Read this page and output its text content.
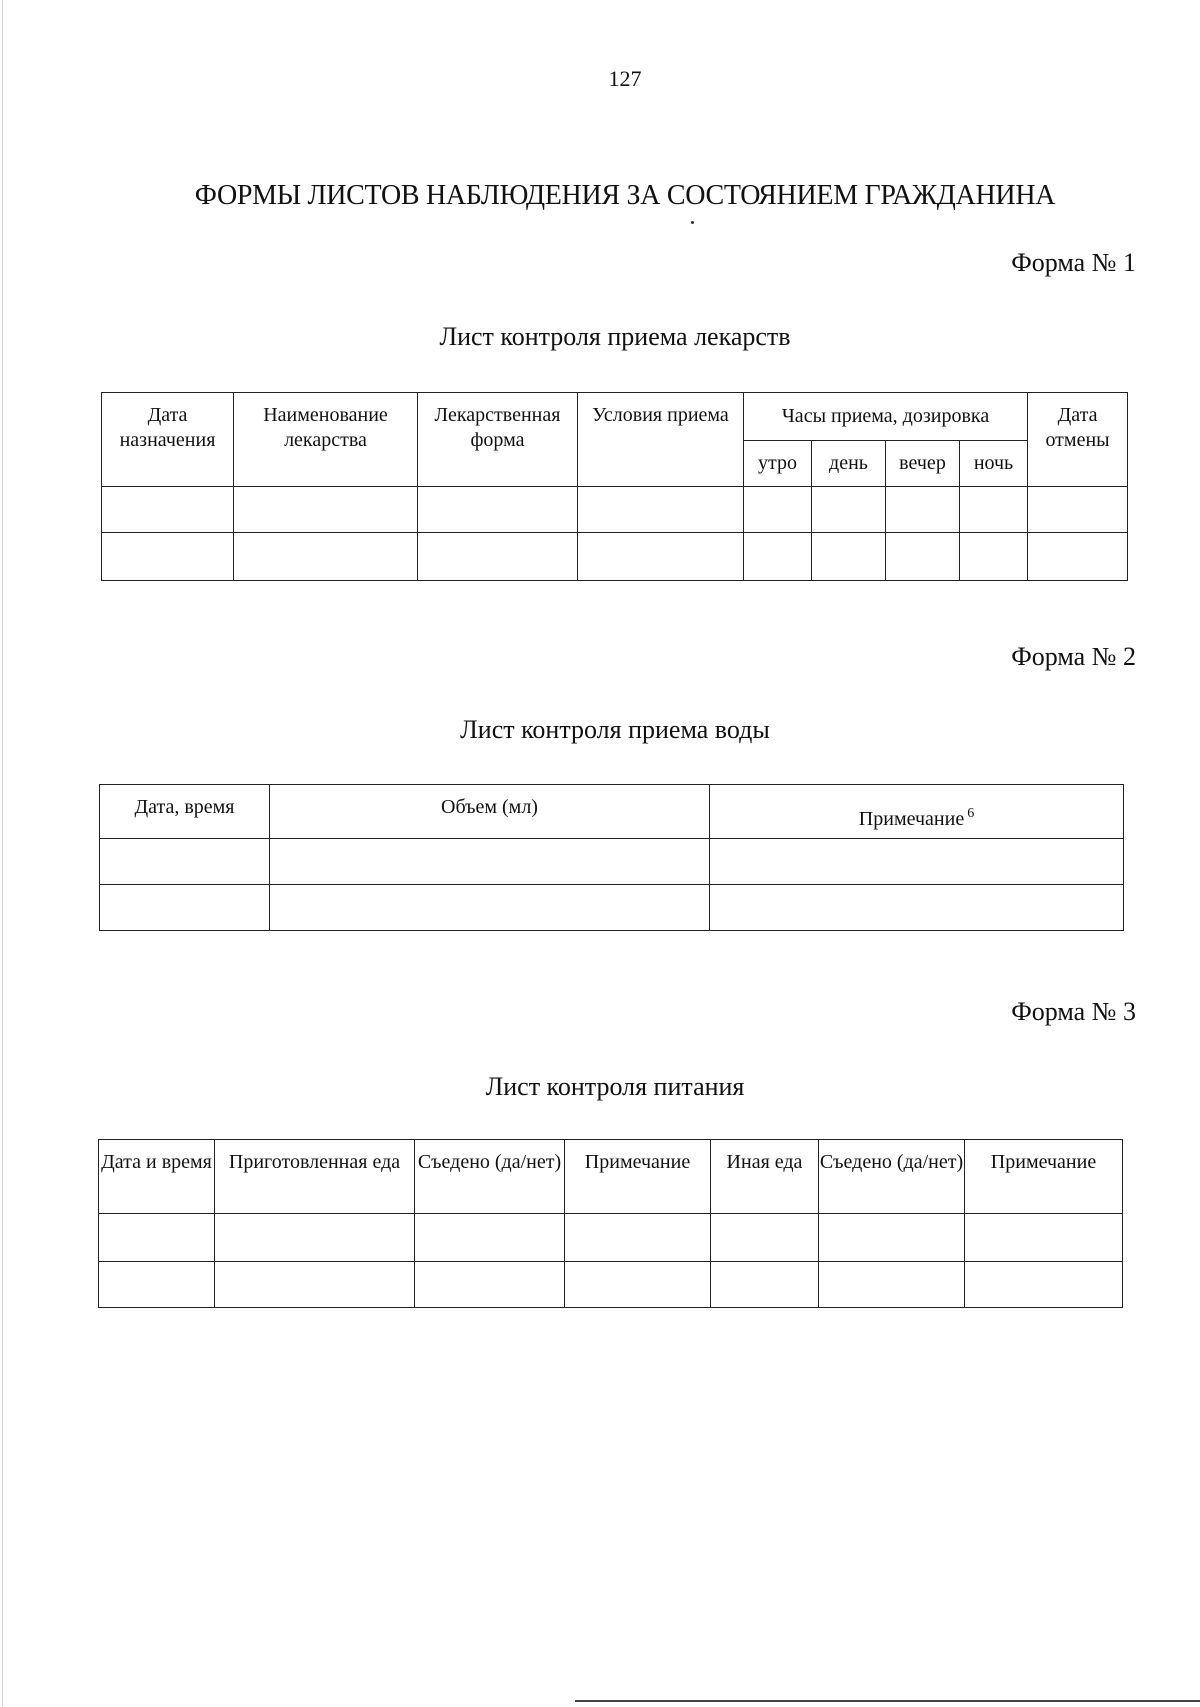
127
ФОРМЫ ЛИСТОВ НАБЛЮДЕНИЯ ЗА СОСТОЯНИЕМ ГРАЖДАНИНА
Форма № 1
Лист контроля приема лекарств
Дата назначения	Наименование лекарства	Лекарственная форма	Условия приема	Часы приема, дозировка				Дата отмены
				утро	день	вечер	ночь	

Форма № 2
Лист контроля приема воды
Дата, время	Объем (мл)	Примечание $^6$

Форма № 3
Лист контроля питания
Дата и время	Приготовленная еда	Съедено (да/нет)	Примечание	Иная еда	Съедено (да/нет)	Примечание
